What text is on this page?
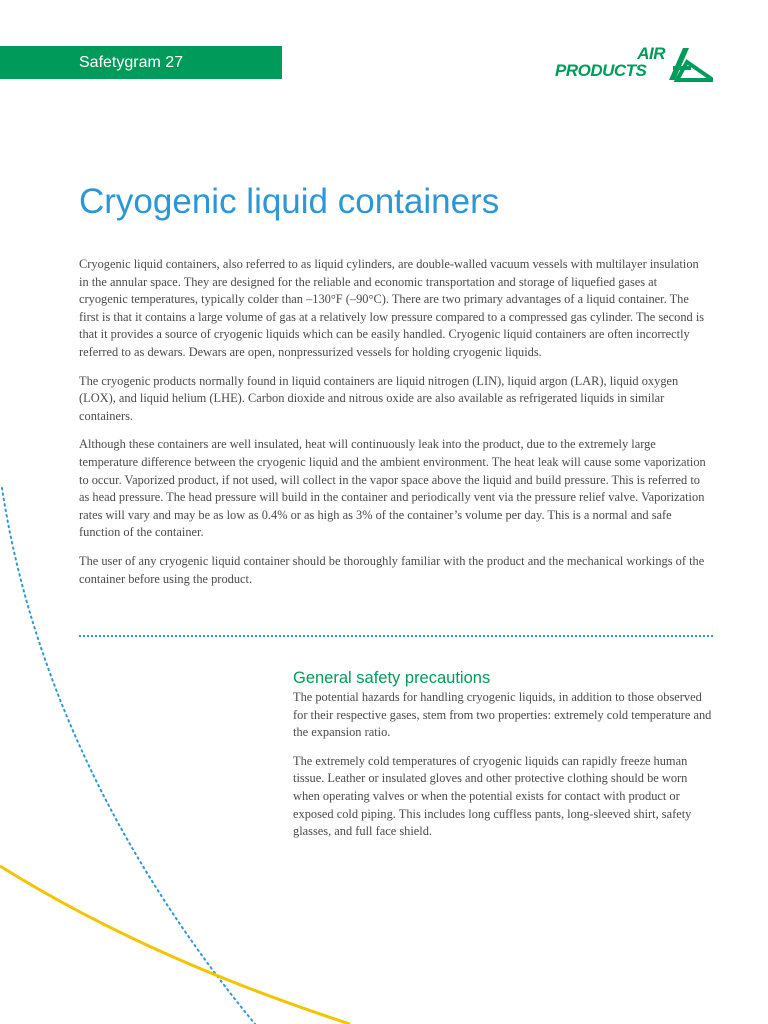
Safetygram 27	AIR
PRODUCTS
Cryogenic liquid containers

Cryogenic liquid containers, also referred to as liquid cylinders, are double-walled vacuum vessels with multilayer insulation in the annular space. They are designed for the reliable and economic transportation and storage of liquefied gases at cryogenic temperatures, typically colder than –130°F (–90°C). There are two primary advantages of a liquid container. The first is that it contains a large volume of gas at a relatively low pressure compared to a compressed gas cylinder. The second is that it provides a source of cryogenic liquids which can be easily handled. Cryogenic liquid containers are often incorrectly referred to as dewars. Dewars are open, nonpressurized vessels for holding cryogenic liquids.

The cryogenic products normally found in liquid containers are liquid nitrogen (LIN), liquid argon (LAR), liquid oxygen (LOX), and liquid helium (LHE). Carbon dioxide and nitrous oxide are also available as refrigerated liquids in similar containers.

Although these containers are well insulated, heat will continuously leak into the product, due to the extremely large temperature difference between the cryogenic liquid and the ambient environment. The heat leak will cause some vaporization to occur. Vaporized product, if not used, will collect in the vapor space above the liquid and build pressure. This is referred to as head pressure. The head pressure will build in the container and periodically vent via the pressure relief valve. Vaporization rates will vary and may be as low as 0.4% or as high as 3% of the container’s volume per day. This is a normal and safe function of the container.

The user of any cryogenic liquid container should be thoroughly familiar with the product and the mechanical workings of the container before using the product.

General safety precautions

The potential hazards for handling cryogenic liquids, in addition to those observed for their respective gases, stem from two properties: extremely cold temperature and the expansion ratio.

The extremely cold temperatures of cryogenic liquids can rapidly freeze human tissue. Leather or insulated gloves and other protective clothing should be worn when operating valves or when the potential exists for contact with product or exposed cold piping. This includes long cuffless pants, long-sleeved shirt, safety glasses, and full face shield.
